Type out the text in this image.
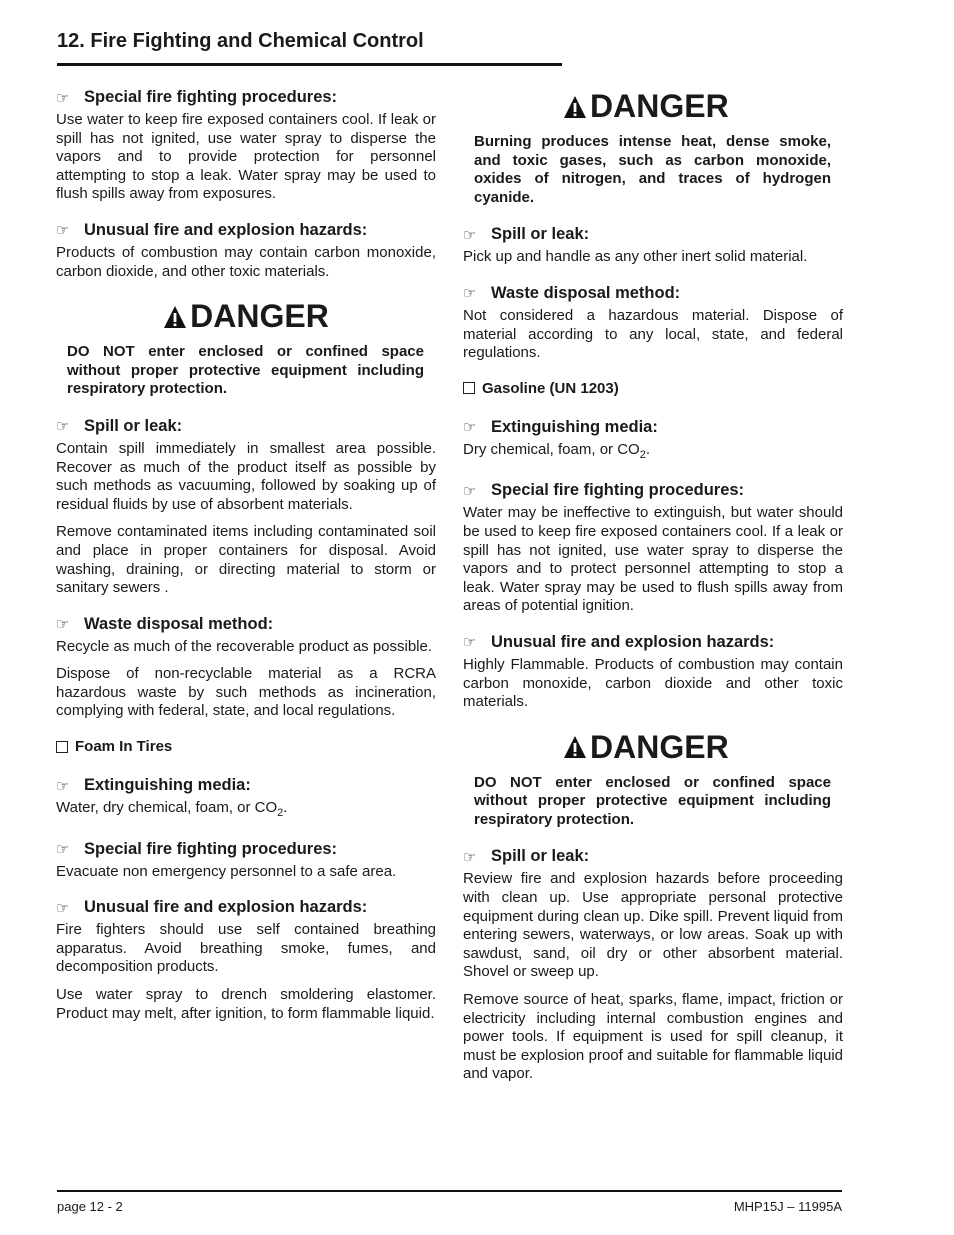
12. Fire Fighting and Chemical Control
☞ Special fire fighting procedures:

Use water to keep fire exposed containers cool. If leak or spill has not ignited, use water spray to disperse the vapors and to provide protection for personnel attempting to stop a leak. Water spray may be used to flush spills away from exposures.

☞ Unusual fire and explosion hazards:

Products of combustion may contain carbon monoxide, carbon dioxide, and other toxic materials.

DANGER

DO NOT enter enclosed or confined space without proper protective equipment including respiratory protection.

☞ Spill or leak:

Contain spill immediately in smallest area possible. Recover as much of the product itself as possible by such methods as vacuuming, followed by soaking up of residual fluids by use of absorbent materials.

Remove contaminated items including contaminated soil and place in proper containers for disposal. Avoid washing, draining, or directing material to storm or sanitary sewers .

☞ Waste disposal method:

Recycle as much of the recoverable product as possible.

Dispose of non-recyclable material as a RCRA hazardous waste by such methods as incineration, complying with federal, state, and local regulations.

Foam In Tires
☞ Extinguishing media:

Water, dry chemical, foam, or $CO_2$.

☞ Special fire fighting procedures:

Evacuate non emergency personnel to a safe area.

☞ Unusual fire and explosion hazards:

Fire fighters should use self contained breathing apparatus. Avoid breathing smoke, fumes, and decomposition products.

Use water spray to drench smoldering elastomer. Product may melt, after ignition, to form flammable liquid.

DANGER

Burning produces intense heat, dense smoke, and toxic gases, such as carbon monoxide, oxides of nitrogen, and traces of hydrogen cyanide.

☞ Spill or leak:

Pick up and handle as any other inert solid material.

☞ Waste disposal method:

Not considered a hazardous material. Dispose of material according to any local, state, and federal regulations.

Gasoline (UN 1203)
☞ Extinguishing media:

Dry chemical, foam, or $CO_2$.

☞ Special fire fighting procedures:

Water may be ineffective to extinguish, but water should be used to keep fire exposed containers cool. If a leak or spill has not ignited, use water spray to disperse the vapors and to protect personnel attempting to stop a leak. Water spray may be used to flush spills away from areas of potential ignition.

☞ Unusual fire and explosion hazards:

Highly Flammable. Products of combustion may contain carbon monoxide, carbon dioxide and other toxic materials.

DANGER

DO NOT enter enclosed or confined space without proper protective equipment including respiratory protection.

☞ Spill or leak:

Review fire and explosion hazards before proceeding with clean up. Use appropriate personal protective equipment during clean up. Dike spill. Prevent liquid from entering sewers, waterways, or low areas. Soak up with sawdust, sand, oil dry or other absorbent material. Shovel or sweep up.

Remove source of heat, sparks, flame, impact, friction or electricity including internal combustion engines and power tools. If equipment is used for spill cleanup, it must be explosion proof and suitable for flammable liquid and vapor.

page 12 - 2	MHP15J – 11995A
